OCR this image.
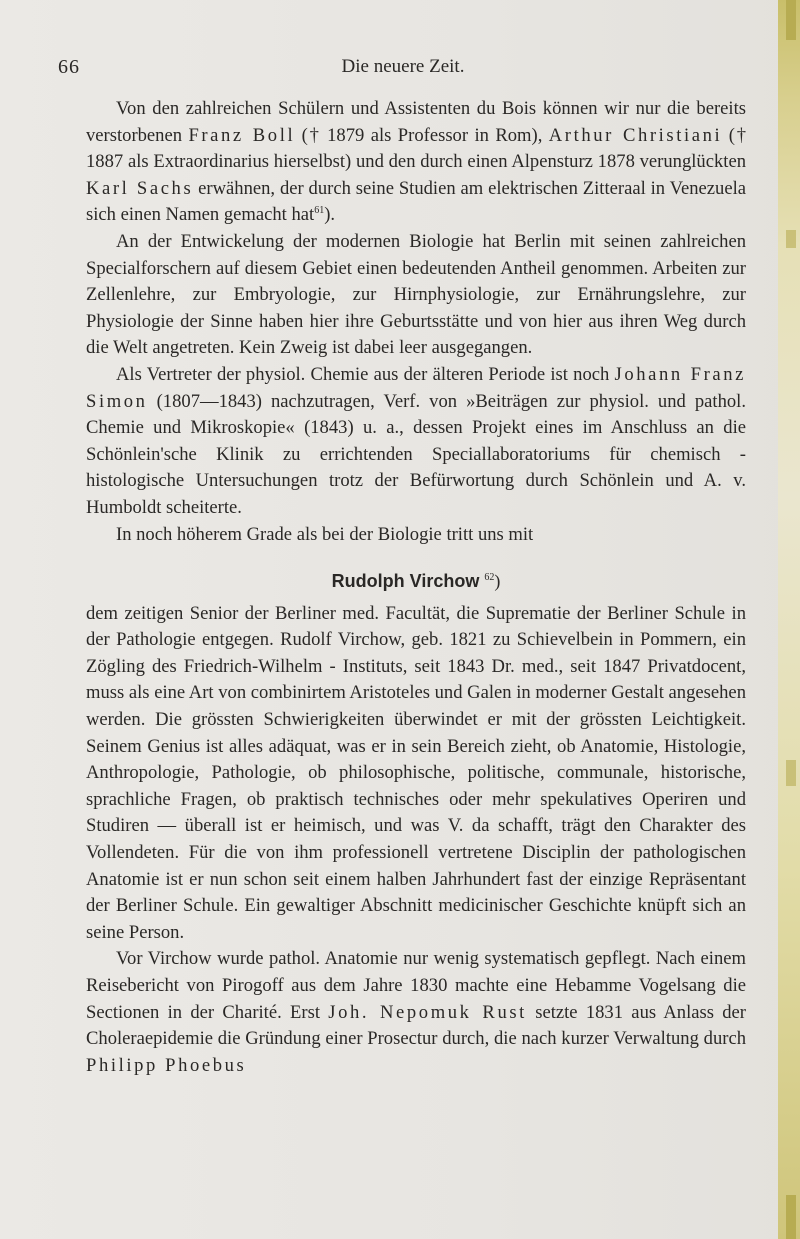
66	Die neuere Zeit.

Von den zahlreichen Schülern und Assistenten du Bois können wir nur die bereits verstorbenen Franz Boll († 1879 als Professor in Rom), Arthur Christiani († 1887 als Extraordinarius hierselbst) und den durch einen Alpensturz 1878 verunglückten Karl Sachs erwähnen, der durch seine Studien am elektrischen Zitteraal in Venezuela sich einen Namen gemacht hat$^{61}$).

An der Entwickelung der modernen Biologie hat Berlin mit seinen zahlreichen Specialforschern auf diesem Gebiet einen bedeutenden Antheil genommen. Arbeiten zur Zellenlehre, zur Embryologie, zur Hirnphysiologie, zur Ernährungslehre, zur Physiologie der Sinne haben hier ihre Geburtsstätte und von hier aus ihren Weg durch die Welt angetreten. Kein Zweig ist dabei leer ausgegangen.

Als Vertreter der physiol. Chemie aus der älteren Periode ist noch Johann Franz Simon (1807—1843) nachzutragen, Verf. von »Beiträgen zur physiol. und pathol. Chemie und Mikroskopie« (1843) u. a., dessen Projekt eines im Anschluss an die Schönlein'sche Klinik zu errichtenden Speciallaboratoriums für chemisch - histologische Untersuchungen trotz der Befürwortung durch Schönlein und A. v. Humboldt scheiterte.

In noch höherem Grade als bei der Biologie tritt uns mit

Rudolph Virchow $^{62}$)

dem zeitigen Senior der Berliner med. Facultät, die Suprematie der Berliner Schule in der Pathologie entgegen. Rudolf Virchow, geb. 1821 zu Schievelbein in Pommern, ein Zögling des Friedrich-Wilhelm - Instituts, seit 1843 Dr. med., seit 1847 Privatdocent, muss als eine Art von combinirtem Aristoteles und Galen in moderner Gestalt angesehen werden. Die grössten Schwierigkeiten überwindet er mit der grössten Leichtigkeit. Seinem Genius ist alles adäquat, was er in sein Bereich zieht, ob Anatomie, Histologie, Anthropologie, Pathologie, ob philosophische, politische, communale, historische, sprachliche Fragen, ob praktisch technisches oder mehr spekulatives Operiren und Studiren — überall ist er heimisch, und was V. da schafft, trägt den Charakter des Vollendeten. Für die von ihm professionell vertretene Disciplin der pathologischen Anatomie ist er nun schon seit einem halben Jahrhundert fast der einzige Repräsentant der Berliner Schule. Ein gewaltiger Abschnitt medicinischer Geschichte knüpft sich an seine Person.

Vor Virchow wurde pathol. Anatomie nur wenig systematisch gepflegt. Nach einem Reisebericht von Pirogoff aus dem Jahre 1830 machte eine Hebamme Vogelsang die Sectionen in der Charité. Erst Joh. Nepomuk Rust setzte 1831 aus Anlass der Choleraepidemie die Gründung einer Prosectur durch, die nach kurzer Verwaltung durch Philipp Phoebus
